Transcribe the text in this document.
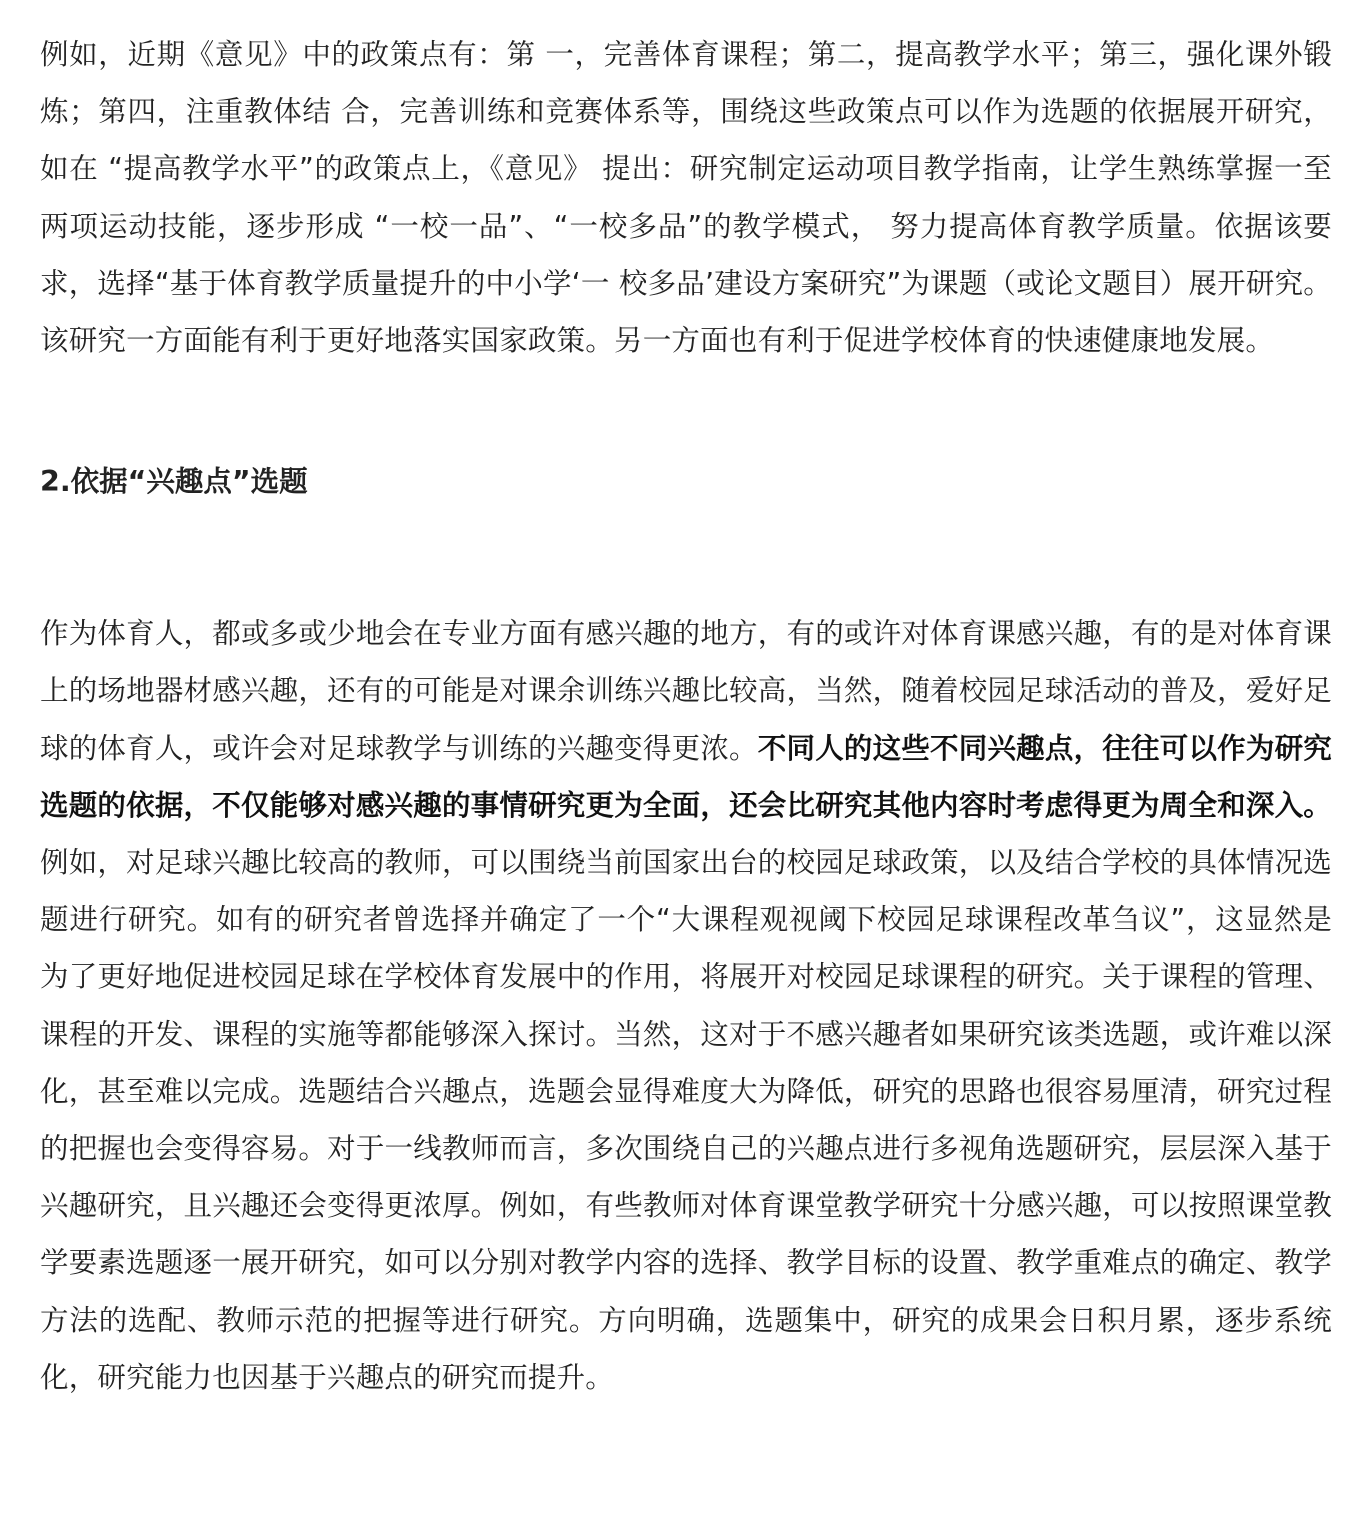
例如，近期《意见》中的政策点有：第 一，完善体育课程；第二，提高教学水平；第三，强化课外锻炼；第四，注重教体结 合，完善训练和竞赛体系等，围绕这些政策点可以作为选题的依据展开研究，如在 “提高教学水平”的政策点上，《意见》 提出：研究制定运动项目教学指南，让学生熟练掌握一至两项运动技能，逐步形成 “一校一品”、“一校多品”的教学模式， 努力提高体育教学质量。依据该要求，选择“基于体育教学质量提升的中小学‘一 校多品’建设方案研究”为课题（或论文题目）展开研究。该研究一方面能有利于更好地落实国家政策。另一方面也有利于促进学校体育的快速健康地发展。

2.依据“兴趣点”选题

作为体育人，都或多或少地会在专业方面有感兴趣的地方，有的或许对体育课感兴趣，有的是对体育课上的场地器材感兴趣，还有的可能是对课余训练兴趣比较高，当然，随着校园足球活动的普及，爱好足球的体育人，或许会对足球教学与训练的兴趣变得更浓。不同人的这些不同兴趣点，往往可以作为研究选题的依据，不仅能够对感兴趣的事情研究更为全面，还会比研究其他内容时考虑得更为周全和深入。例如，对足球兴趣比较高的教师，可以围绕当前国家出台的校园足球政策，以及结合学校的具体情况选题进行研究。如有的研究者曾选择并确定了一个“大课程观视阈下校园足球课程改革刍议”，这显然是为了更好地促进校园足球在学校体育发展中的作用，将展开对校园足球课程的研究。关于课程的管理、课程的开发、课程的实施等都能够深入探讨。当然，这对于不感兴趣者如果研究该类选题，或许难以深化，甚至难以完成。选题结合兴趣点，选题会显得难度大为降低，研究的思路也很容易厘清，研究过程的把握也会变得容易。对于一线教师而言，多次围绕自己的兴趣点进行多视角选题研究，层层深入基于兴趣研究，且兴趣还会变得更浓厚。例如，有些教师对体育课堂教学研究十分感兴趣，可以按照课堂教学要素选题逐一展开研究，如可以分别对教学内容的选择、教学目标的设置、教学重难点的确定、教学方法的选配、教师示范的把握等进行研究。方向明确，选题集中，研究的成果会日积月累，逐步系统化，研究能力也因基于兴趣点的研究而提升。
